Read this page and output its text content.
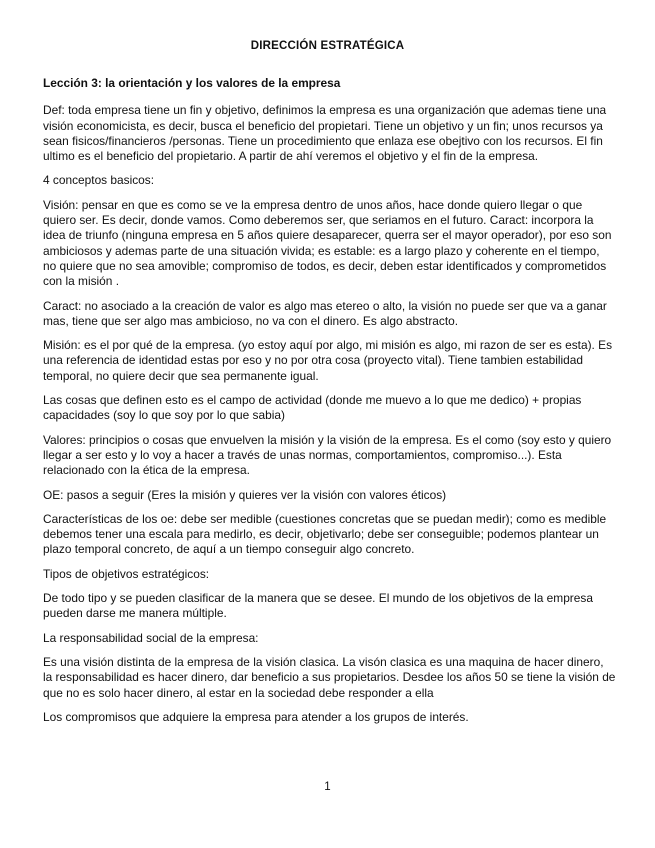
DIRECCIÓN ESTRATÉGICA

Lección 3: la orientación y los valores de la empresa

Def: toda empresa tiene un fin y objetivo, definimos la empresa es una organización que ademas tiene una visión economicista, es decir, busca el beneficio del propietari. Tiene un objetivo y un fin; unos recursos ya sean fisicos/financieros /personas. Tiene un procedimiento que enlaza ese obejtivo con los recursos. El fin ultimo es el beneficio del propietario. A partir de ahí veremos el objetivo y el fin de la empresa.

4 conceptos basicos:

Visión: pensar en que es como se ve la empresa dentro de unos años, hace donde quiero llegar o que quiero ser. Es decir, donde vamos. Como deberemos ser, que seriamos en el futuro. Caract: incorpora la idea de triunfo (ninguna empresa en 5 años quiere desaparecer, querra ser el mayor operador), por eso son ambiciosos y ademas parte de una situación vivida; es estable: es a largo plazo y coherente en el tiempo, no quiere que no sea amovible; compromiso de todos, es decir, deben estar identificados y comprometidos con la misión .

Caract: no asociado a la creación de valor es algo mas etereo o alto, la visión no puede ser que va a ganar mas, tiene que ser algo mas ambicioso, no va con el dinero. Es algo abstracto.

Misión: es el por qué de la empresa. (yo estoy aquí por algo, mi misión es algo, mi razon de ser es esta). Es una referencia de identidad estas por eso y no por otra cosa (proyecto vital). Tiene tambien estabilidad temporal, no quiere decir que sea permanente igual.

Las cosas que definen esto es el campo de actividad (donde me muevo a lo que me dedico) + propias capacidades (soy lo que soy por lo que sabia)

Valores: principios o cosas que envuelven la misión y la visión de la empresa. Es el como (soy esto y quiero llegar a ser esto y lo voy a hacer a través de unas normas, comportamientos, compromiso...). Esta relacionado con la ética de la empresa.

OE: pasos a seguir (Eres la misión y quieres ver la visión con valores éticos)

Características de los oe: debe ser medible (cuestiones concretas que se puedan medir); como es medible debemos tener una escala para medirlo, es decir, objetivarlo; debe ser conseguible; podemos plantear un plazo temporal concreto, de aquí a un tiempo conseguir algo concreto.

Tipos de objetivos estratégicos:

De todo tipo y se pueden clasificar de la manera que se desee. El mundo de los objetivos de la empresa pueden darse me manera múltiple.

La responsabilidad social de la empresa:

Es una visión distinta de la empresa de la visión clasica. La visón clasica es una maquina de hacer dinero, la responsabilidad es hacer dinero, dar beneficio a sus propietarios. Desdee los años 50 se tiene la visión de que no es solo hacer dinero, al estar en la sociedad debe responder a ella

Los compromisos que adquiere la empresa para atender a los grupos de interés.

1
